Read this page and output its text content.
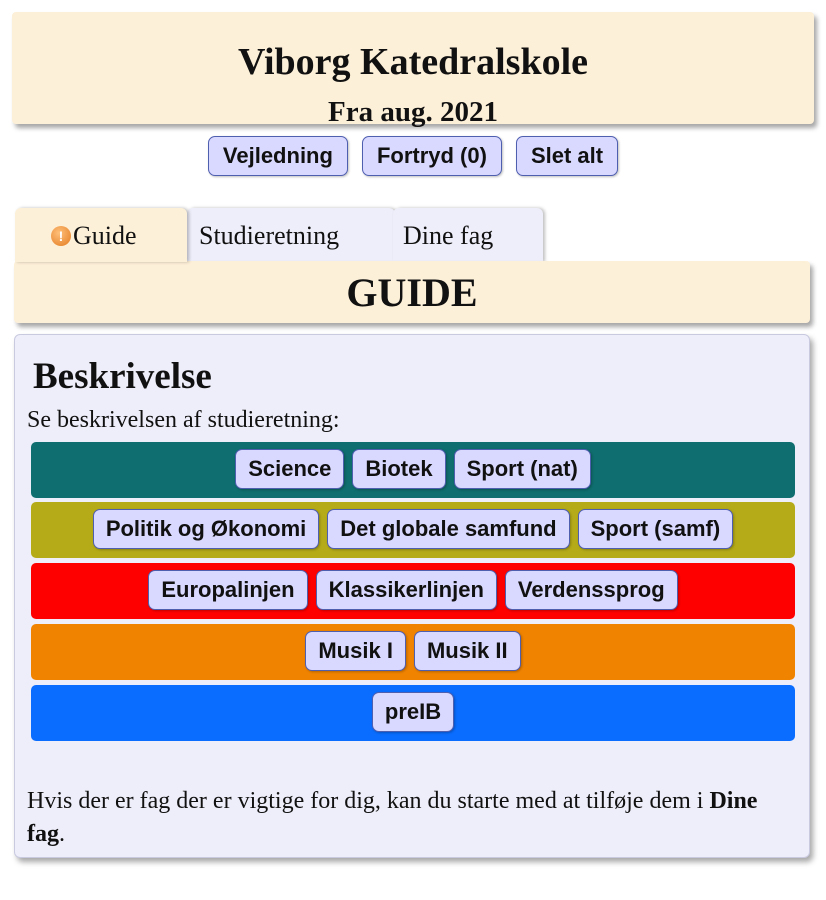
Viborg Katedralskole
Fra aug. 2021
Vejledning Fortryd (0) Slet alt
! Guide	Studieretning	Dine fag
GUIDE
Beskrivelse
Se beskrivelsen af studieretning:
Science Biotek Sport (nat)
Politik og Økonomi Det globale samfund Sport (samf)
Europalinjen Klassikerlinjen Verdenssprog
Musik I Musik II
preIB
Hvis der er fag der er vigtige for dig, kan du starte med at tilføje dem i Dine fag.
